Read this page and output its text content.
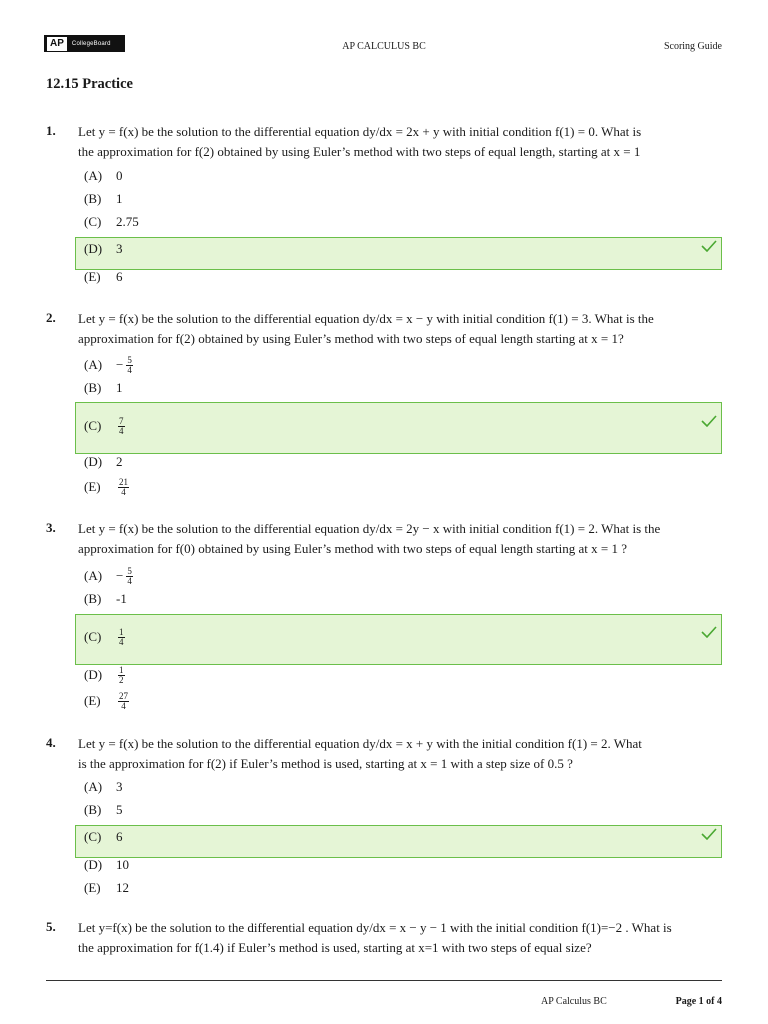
AP	CollegeBoard	AP CALCULUS BC	Scoring Guide
12.15 Practice
1. Let y = f(x) be the solution to the differential equation dy/dx = 2x + y with initial condition f(1) = 0. What is
the approximation for f(2) obtained by using Euler’s method with two steps of equal length, starting at x = 1
(A)	0
(B)	1
(C)	2.75
(D)	3
(E)	6
2. Let y = f(x) be the solution to the differential equation dy/dx = x − y with initial condition f(1) = 3. What is the
approximation for f(2) obtained by using Euler’s method with two steps of equal length starting at x = 1?
(A)	− $\frac{5}{4}$
(B)	1
(C)	$\frac{7}{4}$
(D)	2
(E)	$\frac{21}{4}$
3. Let y = f(x) be the solution to the differential equation dy/dx = 2y − x with initial condition f(1) = 2. What is the
approximation for f(0) obtained by using Euler’s method with two steps of equal length starting at x = 1 ?
(A)	− $\frac{5}{4}$
(B)	-1
(C)	$\frac{1}{4}$
(D)	$\frac{1}{2}$
(E)	$\frac{27}{4}$
4. Let y = f(x) be the solution to the differential equation dy/dx = x + y with the initial condition f(1) = 2. What
is the approximation for f(2) if Euler’s method is used, starting at x = 1 with a step size of 0.5 ?
(A)	3
(B)	5
(C)	6
(D)	10
(E)	12
5. Let y=f(x) be the solution to the differential equation dy/dx = x − y − 1 with the initial condition f(1)=−2 . What is
the approximation for f(1.4) if Euler’s method is used, starting at x=1 with two steps of equal size?
AP Calculus BC	Page 1 of 4
